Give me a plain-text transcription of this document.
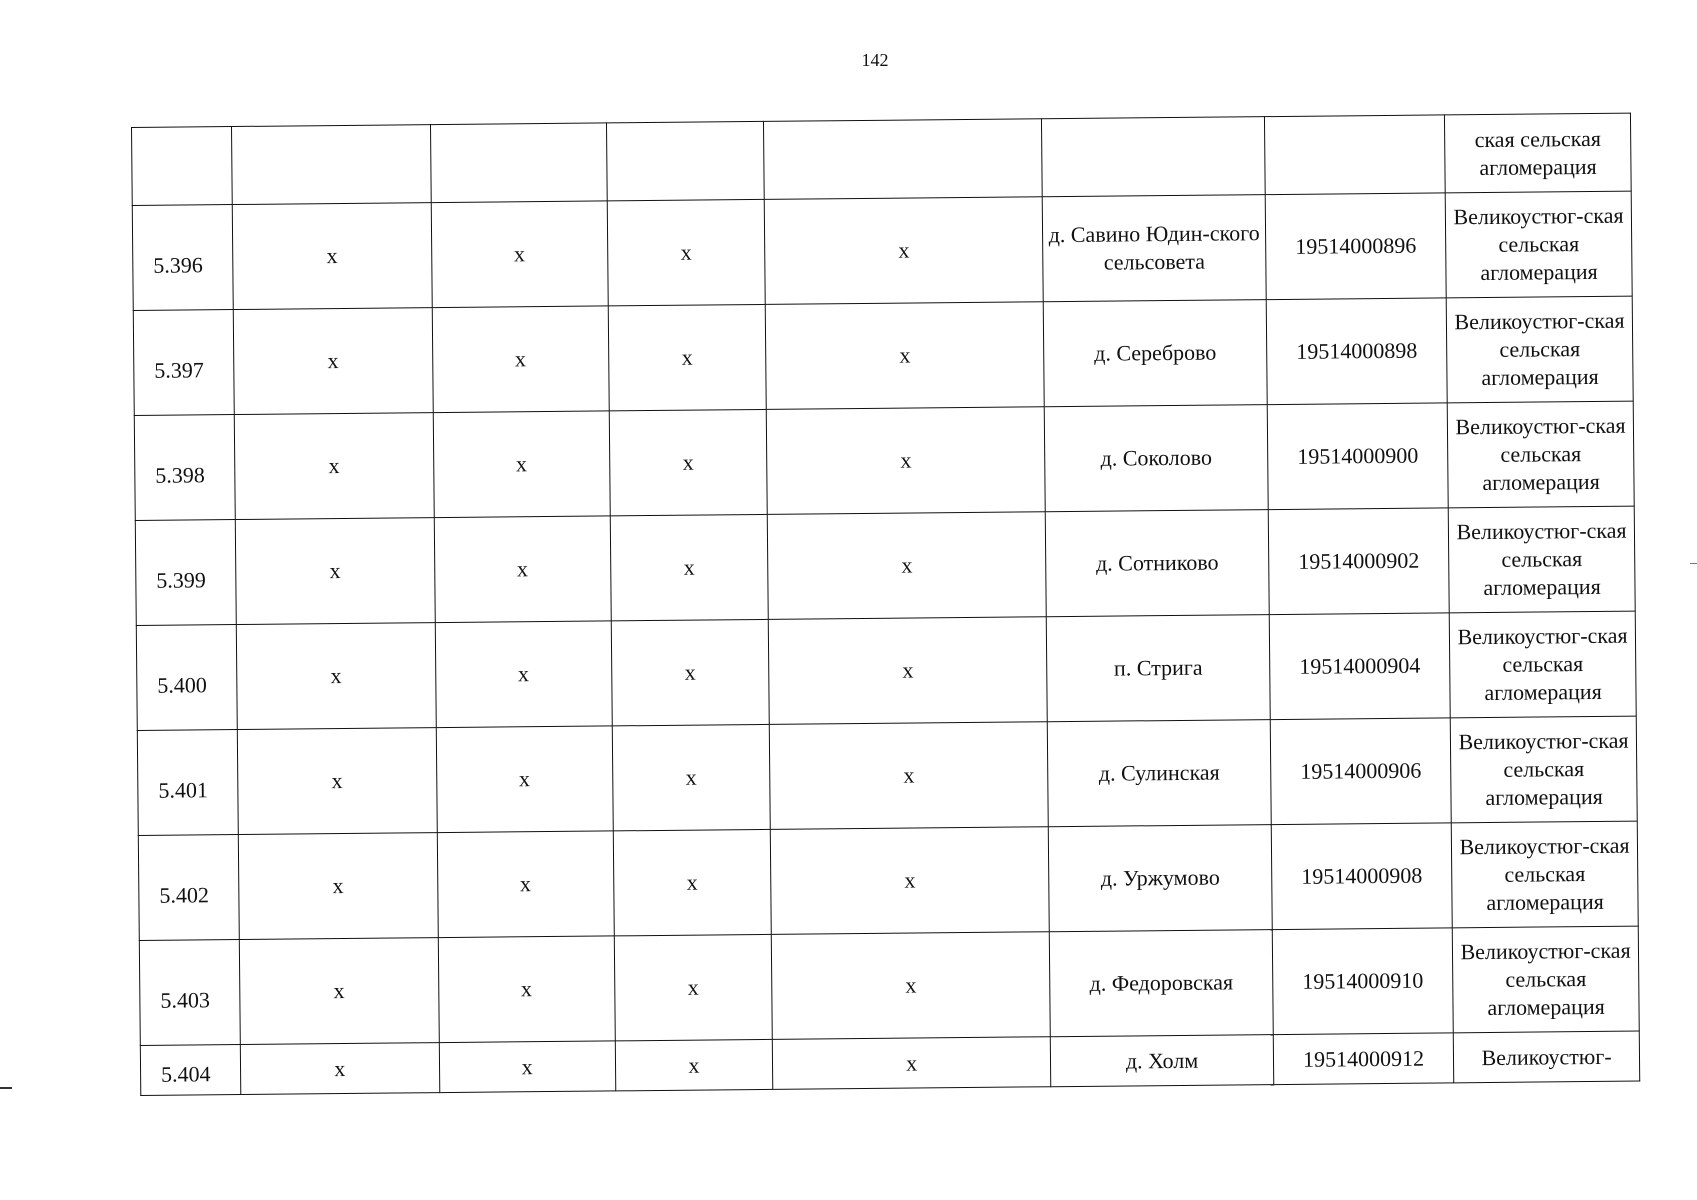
142
							ская сельская агломерация
5.396	х	х	х	х	д. Савино Юдин-ского сельсовета	19514000896	Великоустюг-ская сельская агломерация
5.397	х	х	х	х	д. Сереброво	19514000898	Великоустюг-ская сельская агломерация
5.398	х	х	х	х	д. Соколово	19514000900	Великоустюг-ская сельская агломерация
5.399	х	х	х	х	д. Сотниково	19514000902	Великоустюг-ская сельская агломерация
5.400	х	х	х	х	п. Стрига	19514000904	Великоустюг-ская сельская агломерация
5.401	х	х	х	х	д. Сулинская	19514000906	Великоустюг-ская сельская агломерация
5.402	х	х	х	х	д. Уржумово	19514000908	Великоустюг-ская сельская агломерация
5.403	х	х	х	х	д. Федоровская	19514000910	Великоустюг-ская сельская агломерация
5.404	х	х	х	х	д. Холм	19514000912	Великоустюг-
